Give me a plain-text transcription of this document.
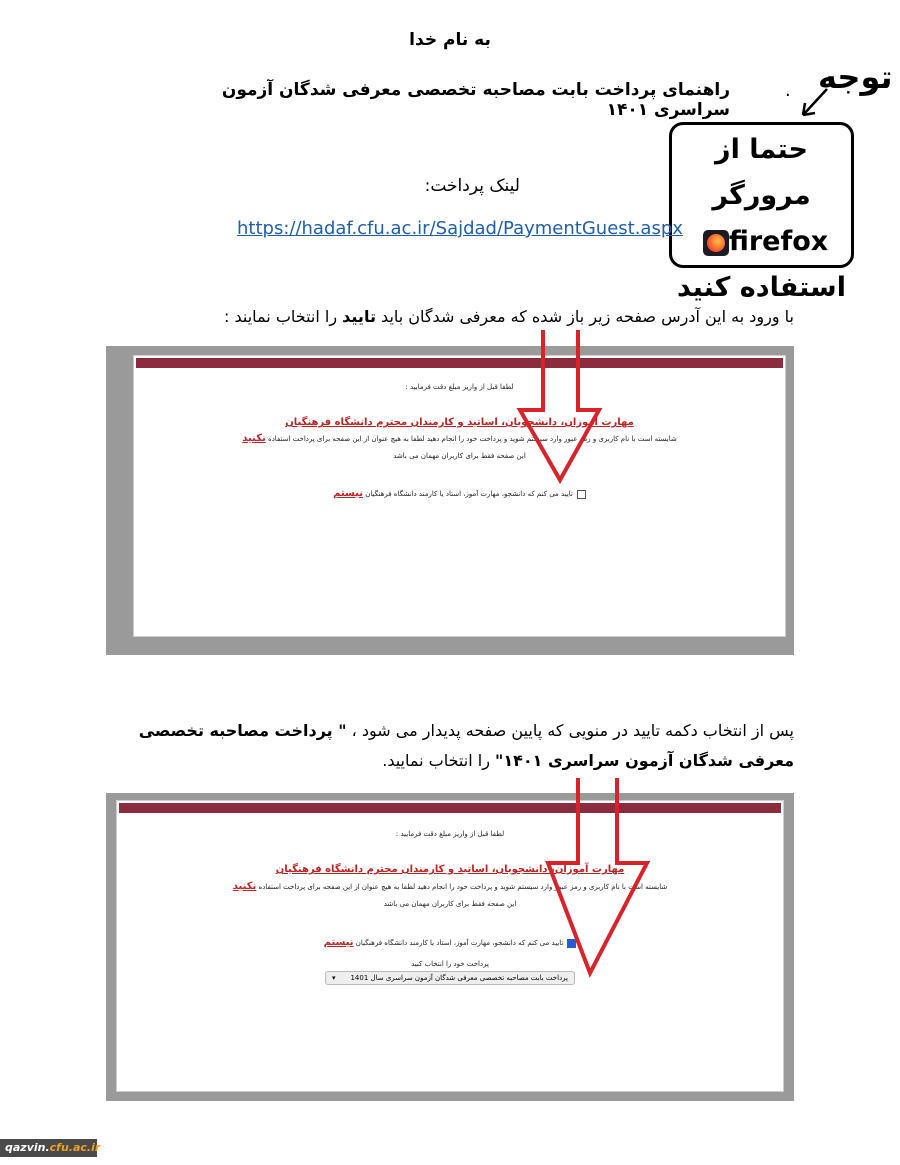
به نام خدا
راهنمای پرداخت بابت مصاحبه تخصصی معرفی شدگان آزمون سراسری ۱۴۰۱
. توجه
حتما از مرورگر
firefox
استفاده کنید
لینک پرداخت:
https://hadaf.cfu.ac.ir/Sajdad/PaymentGuest.aspx
با ورود به این آدرس صفحه زیر باز شده که معرفی شدگان باید تایید را انتخاب نمایند :
لطفا قبل از واریز مبلغ دقت فرمایید :
مهارت آموزان، دانشجویان، اساتید و کارمندان محترم دانشگاه فرهنگیان
شایسته است با نام کاربری و رمز عبور وارد سیستم شوید و پرداخت خود را انجام دهید لطفا به هیچ عنوان از این صفحه برای پرداخت استفاده نکنید
این صفحه فقط برای کاربران مهمان می باشد
تایید می کنم که دانشجو، مهارت آموز، استاد یا کارمند دانشگاه فرهنگیان نیستم
پس از انتخاب دکمه تایید در منویی که پایین صفحه پدیدار می شود ، " پرداخت مصاحبه تخصصی معرفی شدگان آزمون سراسری ۱۴۰۱" را انتخاب نمایید.
لطفا قبل از واریز مبلغ دقت فرمایید :
مهارت آموزان، دانشجویان، اساتید و کارمندان محترم دانشگاه فرهنگیان
شایسته است با نام کاربری و رمز عبور وارد سیستم شوید و پرداخت خود را انجام دهید لطفا به هیچ عنوان از این صفحه برای پرداخت استفاده نکنید
این صفحه فقط برای کاربران مهمان می باشد
تایید می کنم که دانشجو، مهارت آموز، استاد یا کارمند دانشگاه فرهنگیان نیستم
پرداخت خود را انتخاب کنید
پرداخت بابت مصاحبه تخصصی معرفی شدگان آزمون سراسری سال 1401
▾
qazvin.cfu.ac.ir
